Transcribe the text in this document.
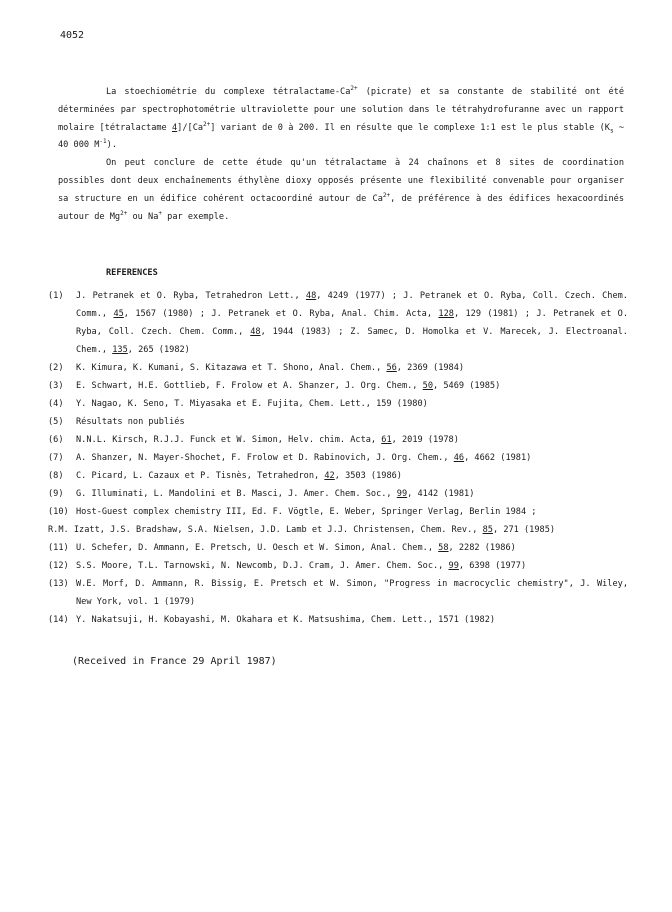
4052

La stoechiométrie du complexe tétralactame-$Ca^{2+}$ (picrate) et sa constante de stabilité ont été déterminées par spectrophotométrie ultraviolette pour une solution dans le tétrahydrofuranne avec un rapport molaire [tétralactame $4]/[Ca^{2+}]$ variant de 0 à 200. Il en résulte que le complexe 1:1 est le plus stable ($K_s$ ~ 40 000 $M^{-1}$).

On peut conclure de cette étude qu'un tétralactame à 24 chaînons et 8 sites de coordination possibles dont deux enchaînements éthylène dioxy opposés présente une flexibilité convenable pour organiser sa structure en un édifice cohérent octacoordiné autour de $Ca^{2+}$, de préférence à des édifices hexacoordinés autour de $Mg^{2+}$ ou Na+ par exemple.

REFERENCES
(1)	J. Petranek et O. Ryba, Tetrahedron Lett., 48, 4249 (1977) ; J. Petranek et O. Ryba, Coll. Czech. Chem. Comm., 45, 1567 (1980) ; J. Petranek et O. Ryba, Anal. Chim. Acta, 128, 129 (1981) ; J. Petranek et O. Ryba, Coll. Czech. Chem. Comm., 48, 1944 (1983) ; Z. Samec, D. Homolka et V. Marecek, J. Electroanal. Chem., 135, 265 (1982)
(2)	K. Kimura, K. Kumani, S. Kitazawa et T. Shono, Anal. Chem., 56, 2369 (1984)
(3)	E. Schwart, H.E. Gottlieb, F. Frolow et A. Shanzer, J. Org. Chem., 50, 5469 (1985)
(4)	Y. Nagao, K. Seno, T. Miyasaka et E. Fujita, Chem. Lett., 159 (1980)
(5)	Résultats non publiés
(6)	N.N.L. Kirsch, R.J.J. Funck et W. Simon, Helv. chim. Acta, 61, 2019 (1978)
(7)	A. Shanzer, N. Mayer-Shochet, F. Frolow et D. Rabinovich, J. Org. Chem., 46, 4662 (1981)
(8)	C. Picard, L. Cazaux et P. Tisnès, Tetrahedron, 42, 3503 (1986)
(9)	G. Illuminati, L. Mandolini et B. Masci, J. Amer. Chem. Soc., 99, 4142 (1981)
(10) Host-Guest complex chemistry III, Ed. F. Vögtle, E. Weber, Springer Verlag, Berlin 1984 ;
R.M. Izatt, J.S. Bradshaw, S.A. Nielsen, J.D. Lamb et J.J. Christensen, Chem. Rev., 85, 271 (1985)
(11) U. Schefer, D. Ammann, E. Pretsch, U. Oesch et W. Simon, Anal. Chem., 58, 2282 (1986)
(12) S.S. Moore, T.L. Tarnowski, N. Newcomb, D.J. Cram, J. Amer. Chem. Soc., 99, 6398 (1977)
(13) W.E. Morf, D. Ammann, R. Bissig, E. Pretsch et W. Simon, "Progress in macrocyclic chemistry", J. Wiley, New York, vol. 1 (1979)
(14) Y. Nakatsuji, H. Kobayashi, M. Okahara et K. Matsushima, Chem. Lett., 1571 (1982)
(Received in France 29 April 1987)
